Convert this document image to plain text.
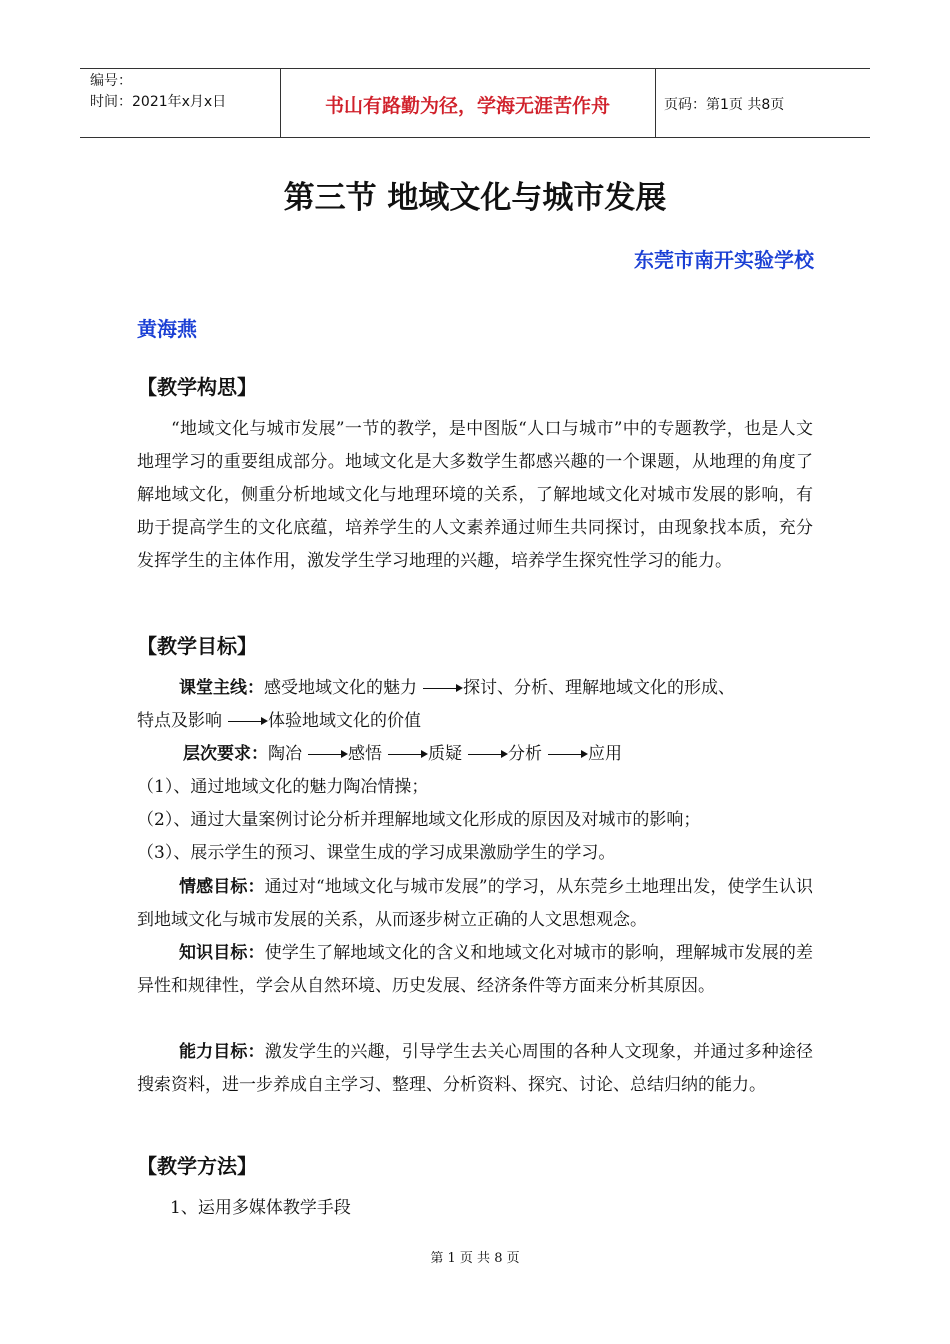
编号：
时间：2021年x月x日	书山有路勤为径，学海无涯苦作舟	页码：第1页 共8页
第三节 地域文化与城市发展
东莞市南开实验学校
黄海燕
【教学构思】

“地域文化与城市发展”一节的教学，是中图版“人口与城市”中的专题教学，也是人文地理学习的重要组成部分。地域文化是大多数学生都感兴趣的一个课题，从地理的角度了解地域文化，侧重分析地域文化与地理环境的关系，了解地域文化对城市发展的影响，有助于提高学生的文化底蕴，培养学生的人文素养通过师生共同探讨，由现象找本质，充分发挥学生的主体作用，激发学生学习地理的兴趣，培养学生探究性学习的能力。

【教学目标】
课堂主线：感受地域文化的魅力	探讨、分析、理解地域文化的形成、
特点及影响	体验地域文化的价值
层次要求：陶冶	感悟	质疑	分析	应用
（1）、通过地域文化的魅力陶冶情操；
（2）、通过大量案例讨论分析并理解地域文化形成的原因及对城市的影响；
（3）、展示学生的预习、课堂生成的学习成果激励学生的学习。

情感目标：通过对“地域文化与城市发展”的学习，从东莞乡土地理出发，使学生认识到地域文化与城市发展的关系，从而逐步树立正确的人文思想观念。

知识目标：使学生了解地域文化的含义和地域文化对城市的影响，理解城市发展的差异性和规律性，学会从自然环境、历史发展、经济条件等方面来分析其原因。

能力目标：激发学生的兴趣，引导学生去关心周围的各种人文现象，并通过多种途径搜索资料，进一步养成自主学习、整理、分析资料、探究、讨论、总结归纳的能力。

【教学方法】
1、运用多媒体教学手段
第 1 页 共 8 页
